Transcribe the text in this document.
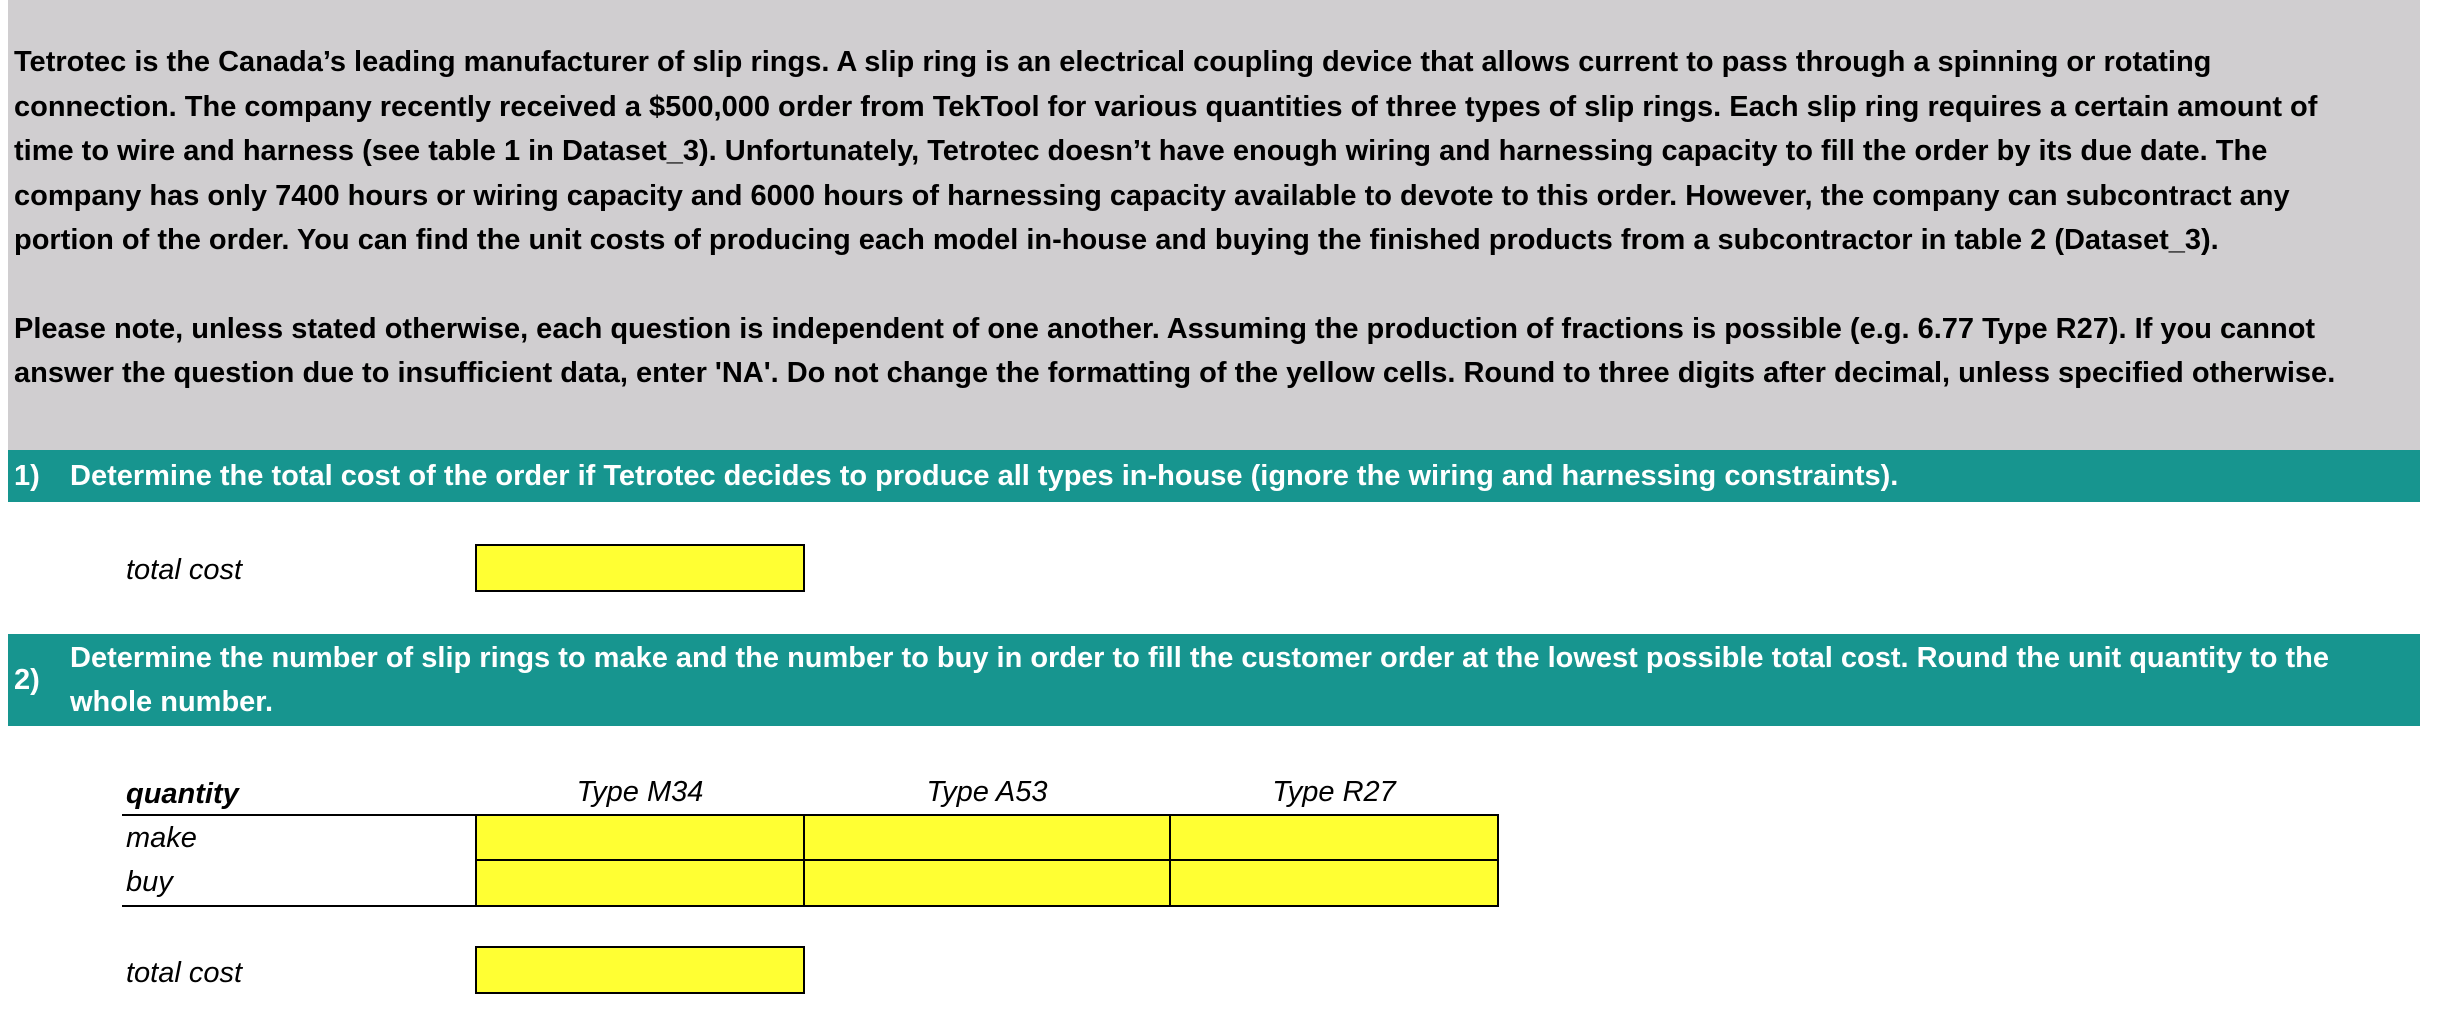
Tetrotec is the Canada’s leading manufacturer of slip rings. A slip ring is an electrical coupling device that allows current to pass through a spinning or rotating
connection. The company recently received a $500,000 order from TekTool for various quantities of three types of slip rings. Each slip ring requires a certain amount of
time to wire and harness (see table 1 in Dataset_3). Unfortunately, Tetrotec doesn’t have enough wiring and harnessing capacity to fill the order by its due date. The
company has only 7400 hours or wiring capacity and 6000 hours of harnessing capacity available to devote to this order. However, the company can subcontract any
portion of the order. You can find the unit costs of producing each model in-house and buying the finished products from a subcontractor in table 2 (Dataset_3).

Please note, unless stated otherwise, each question is independent of one another. Assuming the production of fractions is possible (e.g. 6.77 Type R27). If you cannot
answer the question due to insufficient data, enter 'NA'. Do not change the formatting of the yellow cells. Round to three digits after decimal, unless specified otherwise.

1) Determine the total cost of the order if Tetrotec decides to produce all types in-house (ignore the wiring and harnessing constraints).
total cost
2)
Determine the number of slip rings to make and the number to buy in order to fill the customer order at the lowest possible total cost. Round the unit quantity to the
whole number.
quantity	Type M34	Type A53	Type R27
make
buy
total cost
